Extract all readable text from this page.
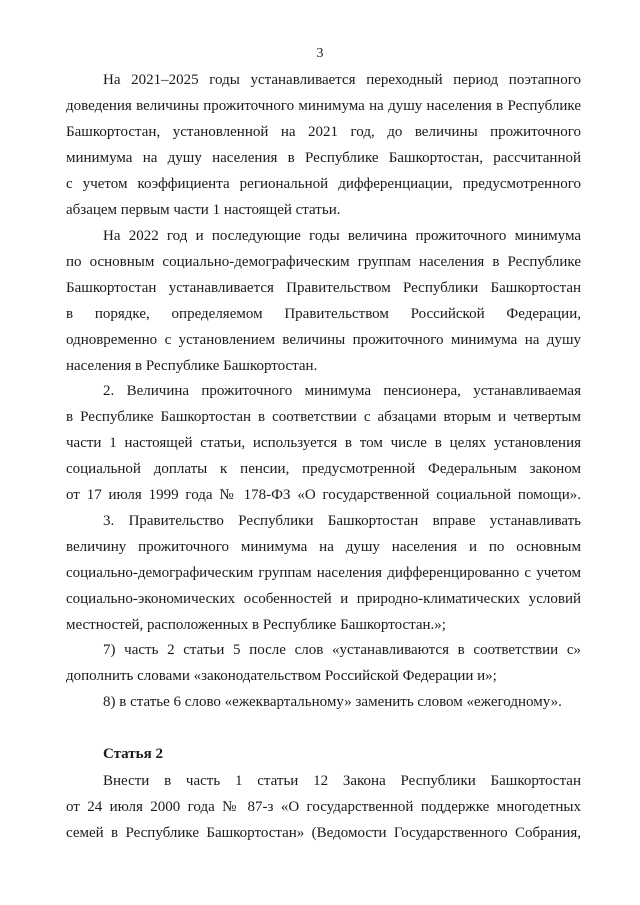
3
На 2021–2025 годы устанавливается переходный период поэтапного
доведения величины прожиточного минимума на душу населения в Республике
Башкортостан, установленной на 2021 год, до величины прожиточного
минимума на душу населения в Республике Башкортостан, рассчитанной
с учетом коэффициента региональной дифференциации, предусмотренного
абзацем первым части 1 настоящей статьи.
На 2022 год и последующие годы величина прожиточного минимума
по основным социально-демографическим группам населения в Республике
Башкортостан устанавливается Правительством Республики Башкортостан
в порядке, определяемом Правительством Российской Федерации,
одновременно с установлением величины прожиточного минимума на душу
населения в Республике Башкортостан.
2. Величина прожиточного минимума пенсионера, устанавливаемая
в Республике Башкортостан в соответствии с абзацами вторым и четвертым
части 1 настоящей статьи, используется в том числе в целях установления
социальной доплаты к пенсии, предусмотренной Федеральным законом
от 17 июля 1999 года № 178-ФЗ «О государственной социальной помощи».
3. Правительство Республики Башкортостан вправе устанавливать
величину прожиточного минимума на душу населения и по основным
социально-демографическим группам населения дифференцированно с учетом
социально-экономических особенностей и природно-климатических условий
местностей, расположенных в Республике Башкортостан.»;
7) часть 2 статьи 5 после слов «устанавливаются в соответствии с»
дополнить словами «законодательством Российской Федерации и»;
8) в статье 6 слово «ежеквартальному» заменить словом «ежегодному».
Статья 2
Внести в часть 1 статьи 12 Закона Республики Башкортостан
от 24 июля 2000 года № 87-з «О государственной поддержке многодетных
семей в Республике Башкортостан» (Ведомости Государственного Собрания,
